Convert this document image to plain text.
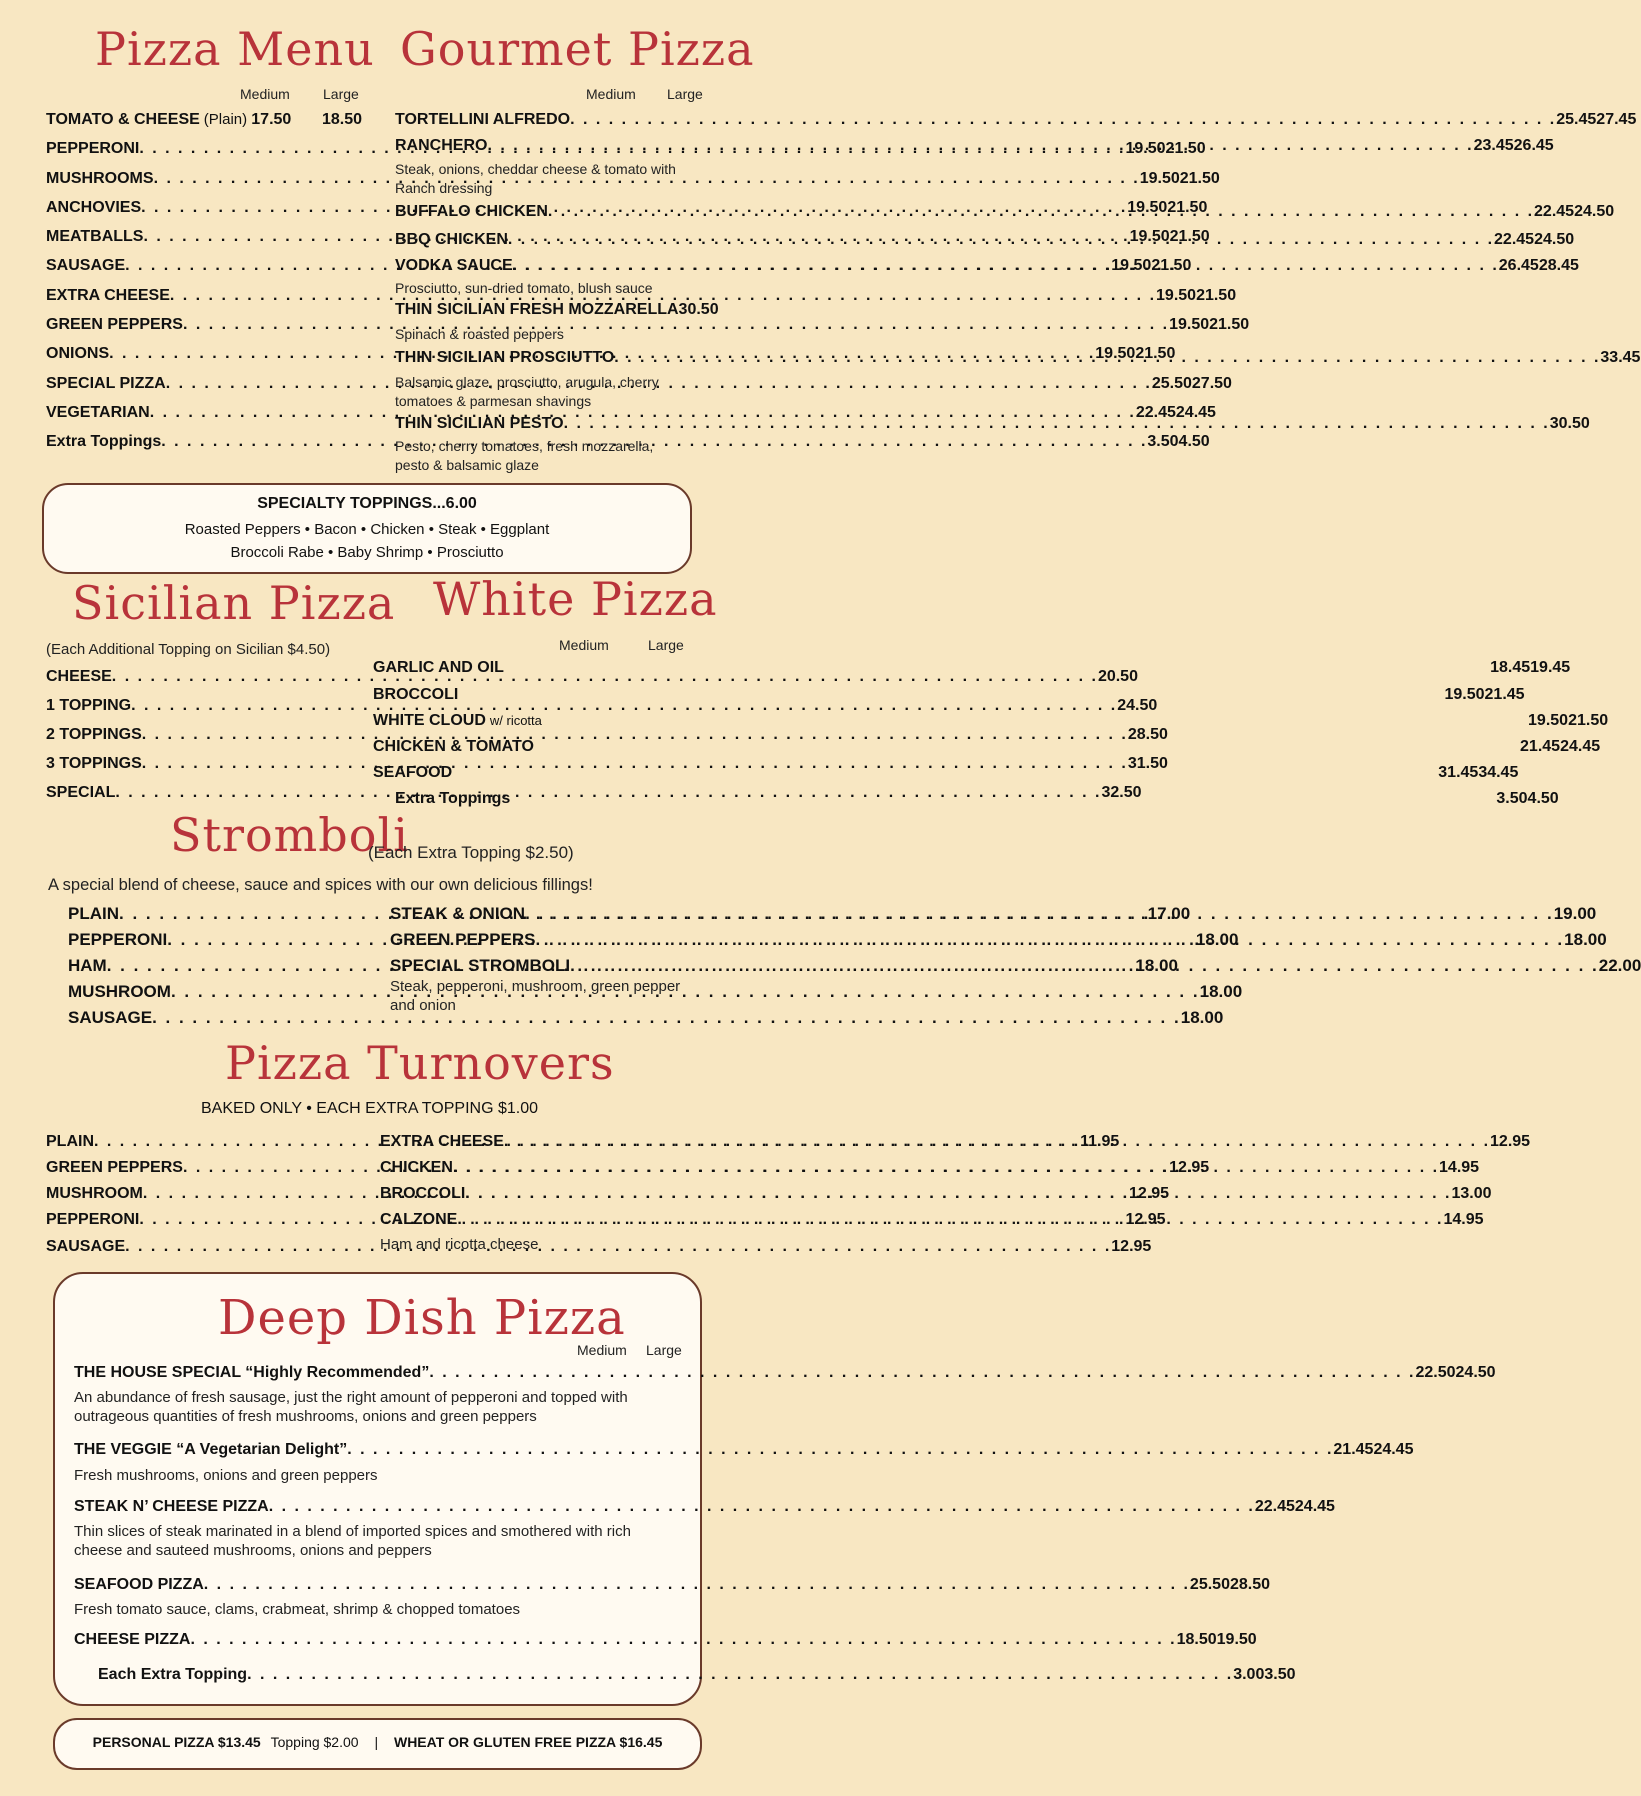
Pizza Menu
Medium Large
TOMATO & CHEESE (Plain) 17.50	18.50
PEPPERONI . . .	19.50 21.50
MUSHROOMS . . .	19.50 21.50
ANCHOVIES . . .	19.50 21.50
MEATBALLS . . .	19.50 21.50
SAUSAGE . . .	19.50 21.50
EXTRA CHEESE . . .	19.50 21.50
GREEN PEPPERS . . .	19.50 21.50
ONIONS . . .	19.50 21.50
SPECIAL PIZZA . . .	25.50 27.50
VEGETARIAN . . .	22.45 24.45
Extra Toppings . . .	3.50 4.50
Gourmet Pizza
Medium Large
TORTELLINI ALFREDO . . .	25.45 27.45
RANCHERO . . .	23.45 26.45
Steak, onions, cheddar cheese & tomato with Ranch dressing
BUFFALO CHICKEN . . .	22.45 24.50
BBQ CHICKEN . . .	22.45 24.50
VODKA SAUCE . . .	26.45 28.45
Prosciutto, sun-dried tomato, blush sauce
THIN SICILIAN FRESH MOZZARELLA 30.50
Spinach & roasted peppers
THIN SICILIAN PROSCIUTTO . . .	33.45
Balsamic glaze, prosciutto, arugula, cherry tomatoes & parmesan shavings
THIN SICILIAN PESTO . . .	30.50
Pesto, cherry tomatoes, fresh mozzarella, pesto & balsamic glaze
SPECIALTY TOPPINGS...6.00
Roasted Peppers • Bacon • Chicken • Steak • Eggplant
Broccoli Rabe • Baby Shrimp • Prosciutto
Sicilian Pizza
(Each Additional Topping on Sicilian $4.50)
CHEESE . . .	20.50
1 TOPPING . . .	24.50
2 TOPPINGS . . .	28.50
3 TOPPINGS . . .	31.50
SPECIAL . . .	32.50
White Pizza
Medium	Large
GARLIC AND OIL	18.45 19.45
BROCCOLI	19.50 21.45
WHITE CLOUD w/ ricotta	19.50 21.50
CHICKEN & TOMATO	21.45 24.45
SEAFOOD	31.45 34.45
Extra Toppings	3.50 4.50
Stromboli
(Each Extra Topping $2.50)
A special blend of cheese, sauce and spices with our own delicious fillings!
PLAIN . . .	17.00
PEPPERONI . . .	18.00
HAM . . .	18.00
MUSHROOM . . .	18.00
SAUSAGE . . .	18.00
STEAK & ONION . . .	19.00
GREEN PEPPERS . . .	18.00
SPECIAL STROMBOLI . . .	22.00
Steak, pepperoni, mushroom, green pepper and onion
Pizza Turnovers
BAKED ONLY • EACH EXTRA TOPPING $1.00
PLAIN . . .	11.95
GREEN PEPPERS . . .	12.95
MUSHROOM . . .	12.95
PEPPERONI . . .	12.95
SAUSAGE . . .	12.95
EXTRA CHEESE . . .	12.95
CHICKEN . . .	14.95
BROCCOLI . . .	13.00
CALZONE . . .	14.95
Ham and ricotta cheese
Deep Dish Pizza
Medium Large
THE HOUSE SPECIAL “Highly Recommended” . . .	22.50 24.50
An abundance of fresh sausage, just the right amount of pepperoni and topped with outrageous quantities of fresh mushrooms, onions and green peppers
THE VEGGIE “A Vegetarian Delight” . . .	21.45 24.45
Fresh mushrooms, onions and green peppers
STEAK N’ CHEESE PIZZA . . .	22.45 24.45
Thin slices of steak marinated in a blend of imported spices and smothered with rich cheese and sauteed mushrooms, onions and peppers
SEAFOOD PIZZA . . .	25.50 28.50
Fresh tomato sauce, clams, crabmeat, shrimp & chopped tomatoes
CHEESE PIZZA . . .	18.50 19.50
Each Extra Topping . . .	3.00 3.50
PERSONAL PIZZA $13.45 Topping $2.00 | WHEAT OR GLUTEN FREE PIZZA $16.45
